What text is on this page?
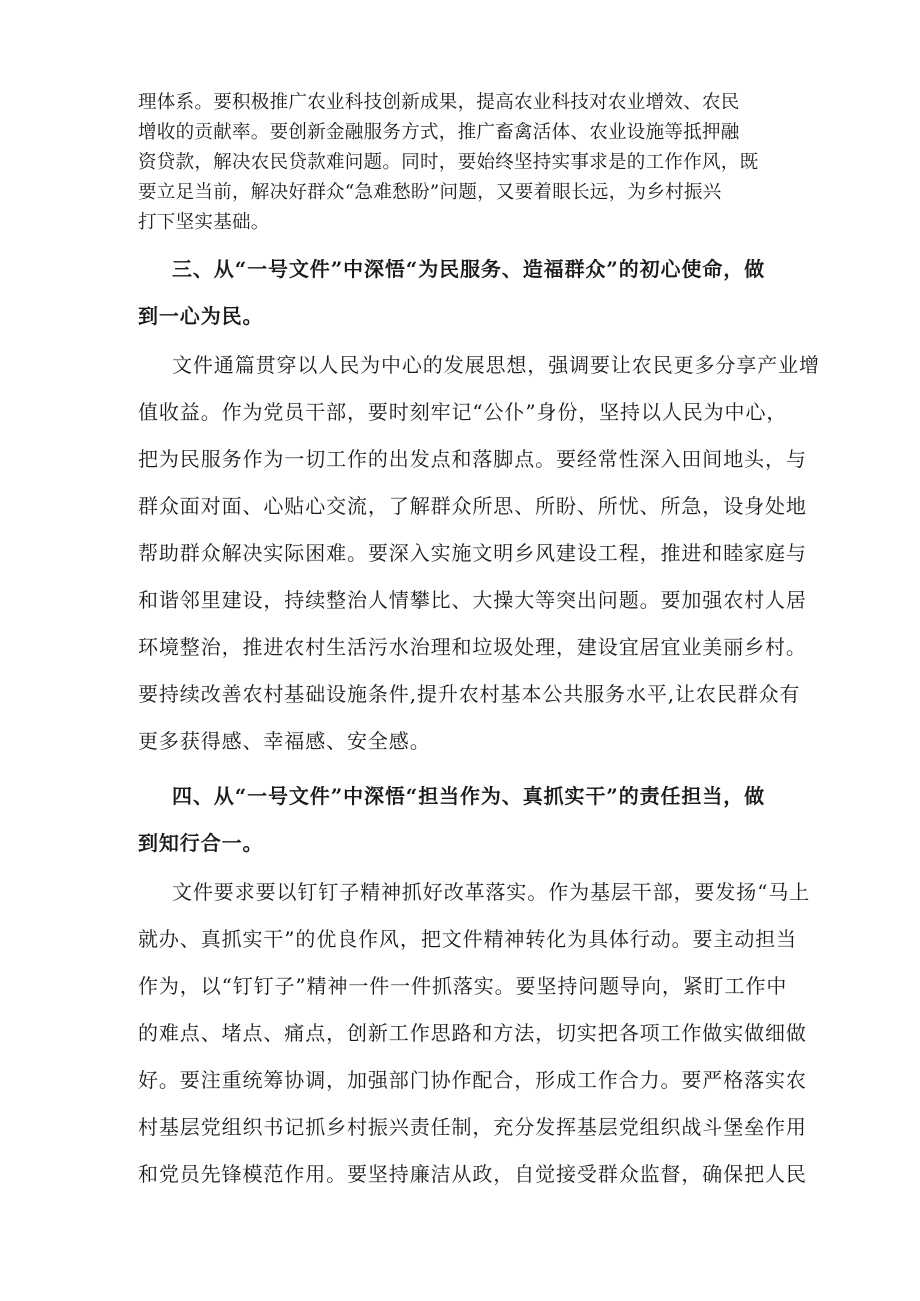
理体系。要积极推广农业科技创新成果，提高农业科技对农业增效、农民
增收的贡献率。要创新金融服务方式，推广畜禽活体、农业设施等抵押融
资贷款，解决农民贷款难问题。同时，要始终坚持实事求是的工作作风，既
要立足当前，解决好群众“急难愁盼”问题，又要着眼长远，为乡村振兴
打下坚实基础。
三、从“一号文件”中深悟“为民服务、造福群众”的初心使命，做
到一心为民。
文件通篇贯穿以人民为中心的发展思想，强调要让农民更多分享产业增
值收益。作为党员干部，要时刻牢记“公仆”身份，坚持以人民为中心，
把为民服务作为一切工作的出发点和落脚点。要经常性深入田间地头，与
群众面对面、心贴心交流，了解群众所思、所盼、所忧、所急，设身处地
帮助群众解决实际困难。要深入实施文明乡风建设工程，推进和睦家庭与
和谐邻里建设，持续整治人情攀比、大操大等突出问题。要加强农村人居
环境整治，推进农村生活污水治理和垃圾处理，建设宜居宜业美丽乡村。
要持续改善农村基础设施条件,提升农村基本公共服务水平,让农民群众有
更多获得感、幸福感、安全感。
四、从“一号文件”中深悟“担当作为、真抓实干”的责任担当，做
到知行合一。
文件要求要以钉钉子精神抓好改革落实。作为基层干部，要发扬“马上
就办、真抓实干”的优良作风，把文件精神转化为具体行动。要主动担当
作为，以“钉钉子”精神一件一件抓落实。要坚持问题导向，紧盯工作中
的难点、堵点、痛点，创新工作思路和方法，切实把各项工作做实做细做
好。要注重统筹协调，加强部门协作配合，形成工作合力。要严格落实农
村基层党组织书记抓乡村振兴责任制，充分发挥基层党组织战斗堡垒作用
和党员先锋模范作用。要坚持廉洁从政，自觉接受群众监督，确保把人民
